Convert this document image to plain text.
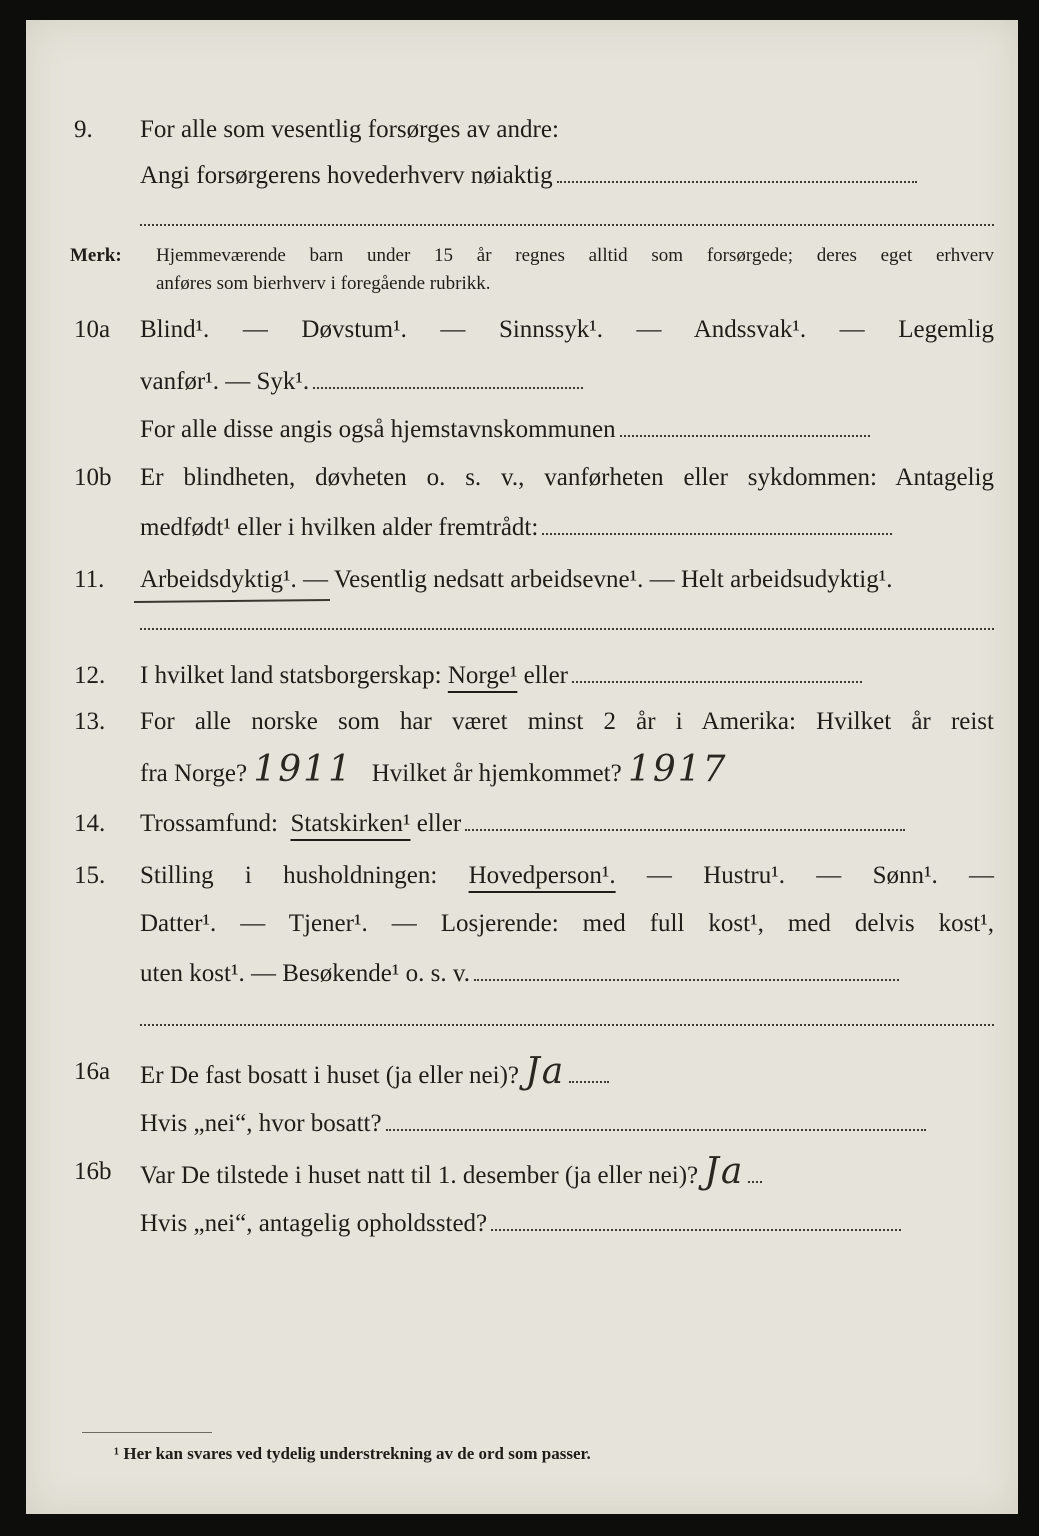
9. For alle som vesentlig forsørges av andre:
Angi forsørgerens hovederhverv nøiaktig
Merk: Hjemmeværende barn under 15 år regnes alltid som forsørgede; deres eget erhverv
anføres som bierhverv i foregående rubrikk.
10a Blind¹. — Døvstum¹. — Sinnssyk¹. — Andssvak¹. — Legemlig
vanfør¹. — Syk¹.
For alle disse angis også hjemstavnskommunen
10b Er blindheten, døvheten o. s. v., vanførheten eller sykdommen: Antagelig
medfødt¹ eller i hvilken alder fremtrådt:
11. Arbeidsdyktig¹. — Vesentlig nedsatt arbeidsevne¹. — Helt arbeidsudyktig¹.
12. I hvilket land statsborgerskap: Norge¹ eller
13. For alle norske som har været minst 2 år i Amerika: Hvilket år reist
fra Norge? 1911 Hvilket år hjemkommet? 1917
14. Trossamfund: Statskirken¹ eller
15. Stilling i husholdningen: Hovedperson¹. — Hustru¹. — Sønn¹. —
Datter¹. — Tjener¹. — Losjerende: med full kost¹, med delvis kost¹,
uten kost¹. — Besøkende¹ o. s. v.
16a Er De fast bosatt i huset (ja eller nei)? Ja
Hvis „nei“, hvor bosatt?
16b Var De tilstede i huset natt til 1. desember (ja eller nei)? Ja
Hvis „nei“, antagelig opholdssted?
¹ Her kan svares ved tydelig understrekning av de ord som passer.
